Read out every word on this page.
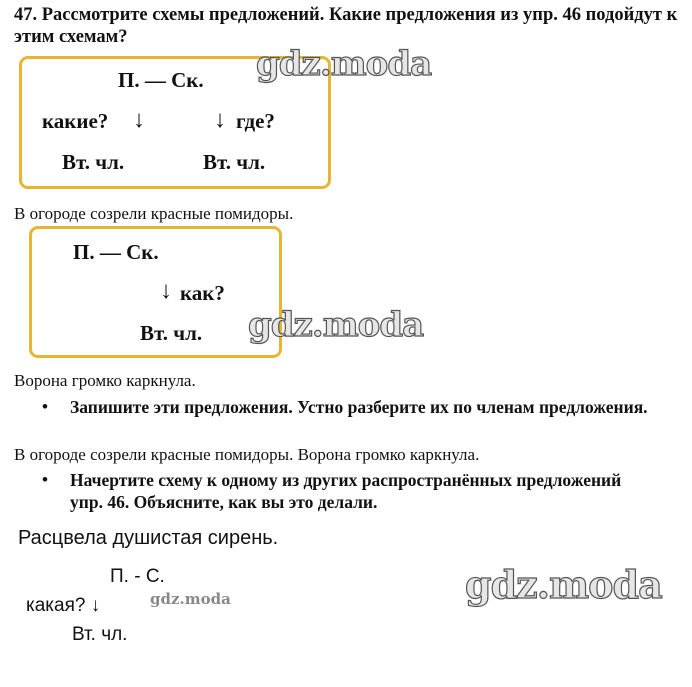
47. Рассмотрите схемы предложений. Какие предложения из упр. 46 подойдут к этим схемам?
П. — Ск.
какие? ↓	↓ где?
Вт. чл.	Вт. чл.
В огороде созрели красные помидоры.
П. — Ск.
↓ как?
Вт. чл.
Ворона громко каркнула.
• Запишите эти предложения. Устно разберите их по членам предложения.
В огороде созрели красные помидоры. Ворона громко каркнула.
• Начертите схему к одному из других распространённых предложений упр. 46. Объясните, как вы это делали.
Расцвела душистая сирень.
П. - С.
какая? ↓
Вт. чл.
gdz.moda
gdz.moda
gdz.moda
gdz.moda
